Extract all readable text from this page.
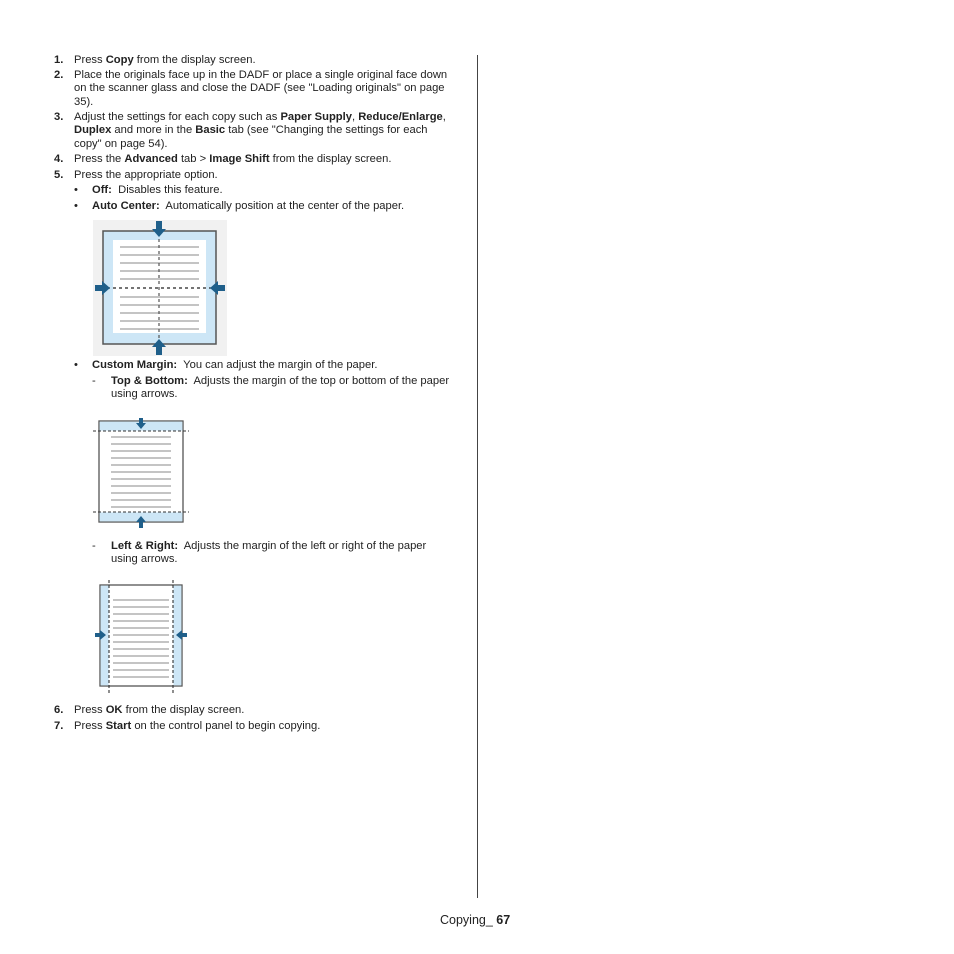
1. Press Copy from the display screen.
2. Place the originals face up in the DADF or place a single original face down on the scanner glass and close the DADF (see "Loading originals" on page 35).
3. Adjust the settings for each copy such as Paper Supply, Reduce/Enlarge, Duplex and more in the Basic tab (see "Changing the settings for each copy" on page 54).
4. Press the Advanced tab > Image Shift from the display screen.
5. Press the appropriate option.
• Off: Disables this feature.
• Auto Center: Automatically position at the center of the paper.
• Custom Margin: You can adjust the margin of the paper.
- Top & Bottom: Adjusts the margin of the top or bottom of the paper using arrows.
- Left & Right: Adjusts the margin of the left or right of the paper using arrows.
6. Press OK from the display screen.
7. Press Start on the control panel to begin copying.
Copying_ 67
